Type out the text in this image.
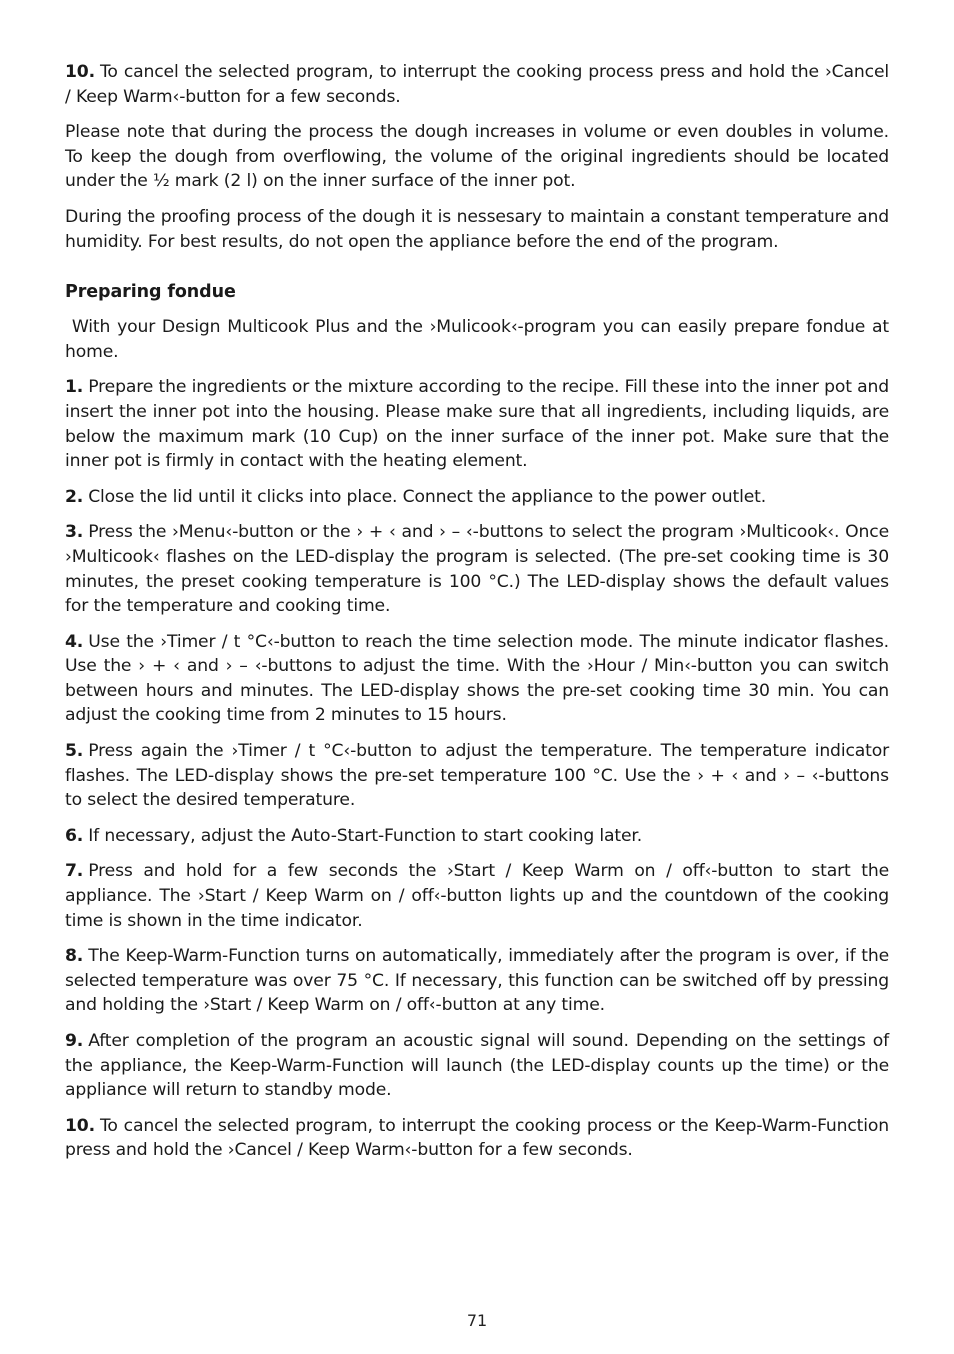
10. To cancel the selected program, to interrupt the cooking process press and hold the ›Cancel / Keep Warm‹-button for a few seconds.

Please note that during the process the dough increases in volume or even doubles in volume. To keep the dough from overflowing, the volume of the original ingredients should be located under the ½ mark (2 l) on the inner surface of the inner pot.

During the proofing process of the dough it is nessesary to maintain a constant temperature and humidity. For best results, do not open the appliance before the end of the program.

Preparing fondue

With your Design Multicook Plus and the ›Mulicook‹-program you can easily prepare fondue at home.

1. Prepare the ingredients or the mixture according to the recipe. Fill these into the inner pot and insert the inner pot into the housing. Please make sure that all ingredients, including liquids, are below the maximum mark (10 Cup) on the inner surface of the inner pot. Make sure that the inner pot is firmly in contact with the heating element.

2. Close the lid until it clicks into place. Connect the appliance to the power outlet.

3. Press the ›Menu‹-button or the › + ‹ and › – ‹-buttons to select the program ›Multicook‹. Once ›Multicook‹ flashes on the LED-display the program is selected. (The pre-set cooking time is 30 minutes, the preset cooking temperature is 100 °C.) The LED-display shows the default values for the temperature and cooking time.

4. Use the ›Timer / t °C‹-button to reach the time selection mode. The minute indicator flashes. Use the › + ‹ and › – ‹-buttons to adjust the time. With the ›Hour / Min‹-button you can switch between hours and minutes. The LED-display shows the pre-set cooking time 30 min. You can adjust the cooking time from 2 minutes to 15 hours.

5. Press again the ›Timer / t °C‹-button to adjust the temperature. The temperature indicator flashes. The LED-display shows the pre-set temperature 100 °C. Use the › + ‹ and › – ‹-buttons to select the desired temperature.

6. If necessary, adjust the Auto-Start-Function to start cooking later.

7. Press and hold for a few seconds the ›Start / Keep Warm on / off‹-button to start the appliance. The ›Start / Keep Warm on / off‹-button lights up and the countdown of the cooking time is shown in the time indicator.

8. The Keep-Warm-Function turns on automatically, immediately after the program is over, if the selected temperature was over 75 °C. If necessary, this function can be switched off by pressing and holding the ›Start / Keep Warm on / off‹-button at any time.

9. After completion of the program an acoustic signal will sound. Depending on the settings of the appliance, the Keep-Warm-Function will launch (the LED-display counts up the time) or the appliance will return to standby mode.

10. To cancel the selected program, to interrupt the cooking process or the Keep-Warm-Function press and hold the ›Cancel / Keep Warm‹-button for a few seconds.

71
